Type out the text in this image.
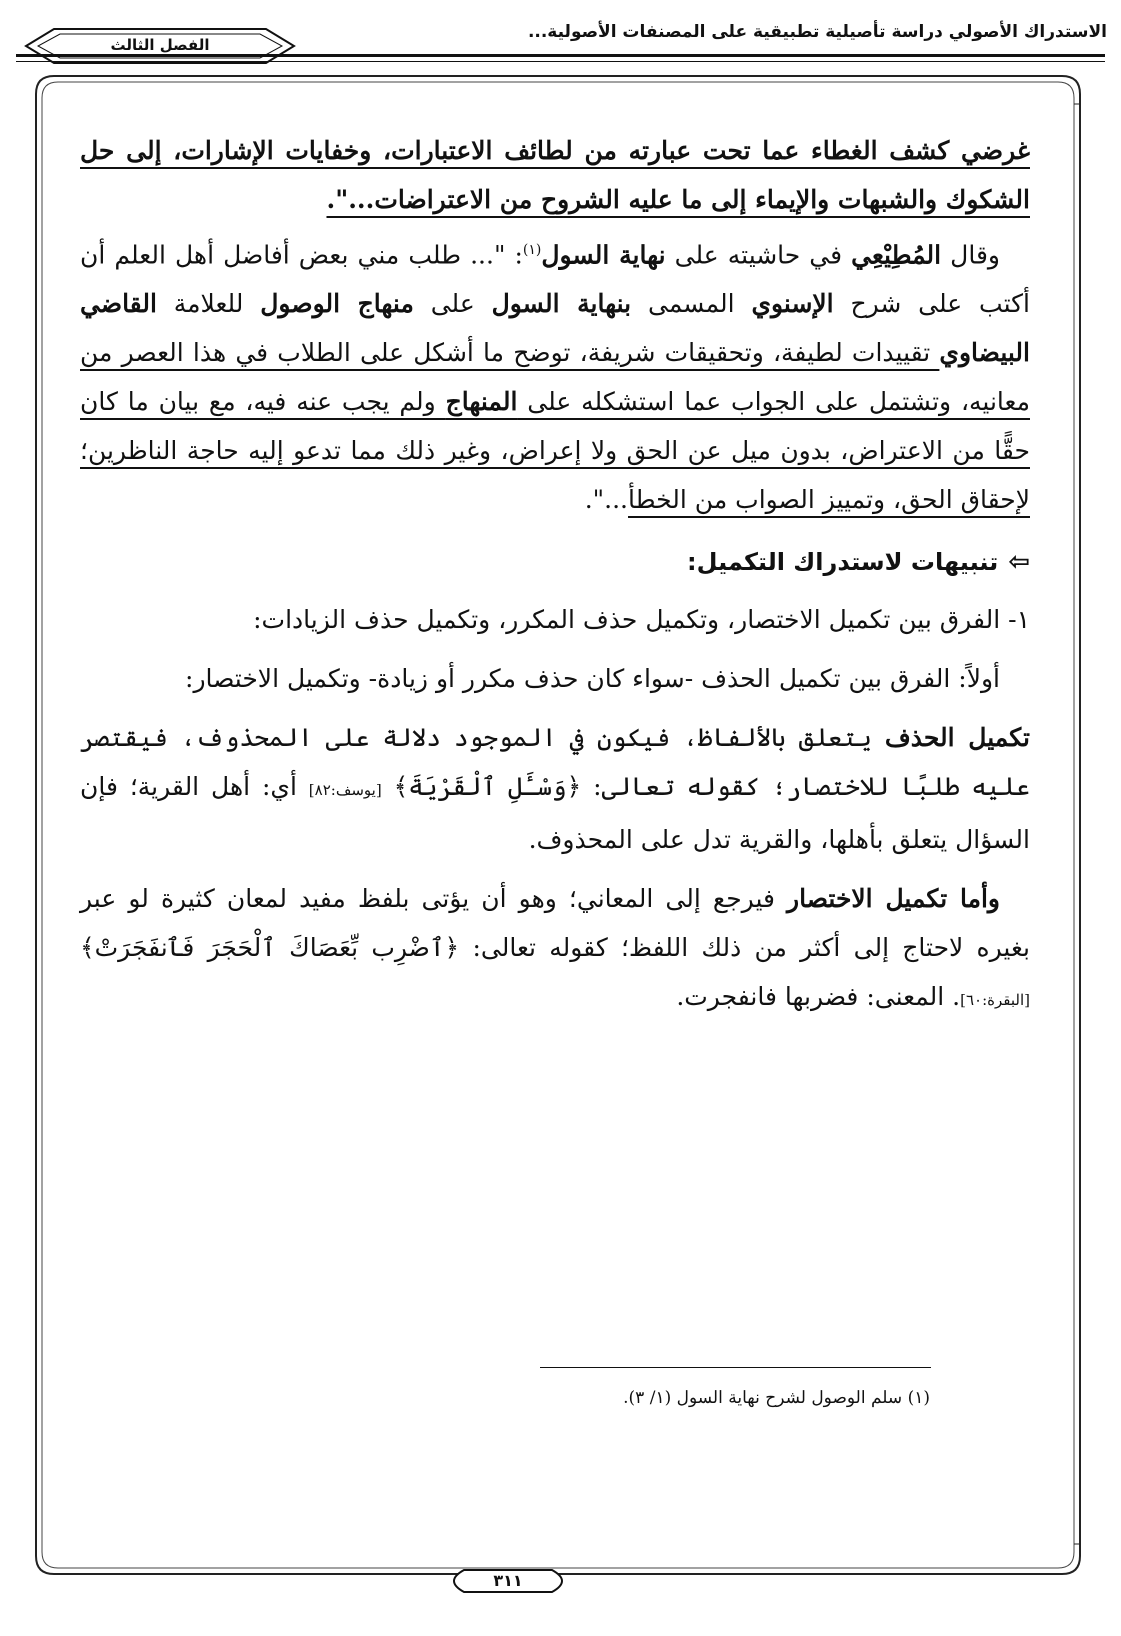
الاستدراك الأصولي دراسة تأصيلية تطبيقية على المصنفات الأصولية...
الفصل الثالث

غرضي كشف الغطاء عما تحت عبارته من لطائف الاعتبارات، وخفايات الإشارات، إلى حل الشكوك والشبهات والإيماء إلى ما عليه الشروح من الاعتراضات...".

وقال المُطِيْعِي في حاشيته على نهاية السول$^{(١)}$: "... طلب مني بعض أفاضل أهل العلم أن أكتب على شرح الإسنوي المسمى بنهاية السول على منهاج الوصول للعلامة القاضي البيضاوي تقييدات لطيفة، وتحقيقات شريفة، توضح ما أشكل على الطلاب في هذا العصر من معانيه، وتشتمل على الجواب عما استشكله على المنهاج ولم يجب عنه فيه، مع بيان ما كان حقًّا من الاعتراض، بدون ميل عن الحق ولا إعراض، وغير ذلك مما تدعو إليه حاجة الناظرين؛ لإحقاق الحق، وتمييز الصواب من الخطأ...".

⇦تنبيهات لاستدراك التكميل:

١- الفرق بين تكميل الاختصار، وتكميل حذف المكرر، وتكميل حذف الزيادات:

أولاً: الفرق بين تكميل الحذف -سواء كان حذف مكرر أو زيادة- وتكميل الاختصار:

تكميل الحذف يتعلق بالألفاظ، فيكون في الموجود دلالة على المحذوف، فيقتصر عليه طلبًا للاختصار؛ كقوله تعالى: ﴿وَسْـَٔلِ ٱلْقَرْيَةَ﴾ [يوسف:٨٢] أي: أهل القرية؛ فإن السؤال يتعلق بأهلها، والقرية تدل على المحذوف.

وأما تكميل الاختصار فيرجع إلى المعاني؛ وهو أن يؤتى بلفظ مفيد لمعان كثيرة لو عبر بغيره لاحتاج إلى أكثر من ذلك اللفظ؛ كقوله تعالى: ﴿ٱضْرِب بِّعَصَاكَ ٱلْحَجَرَ فَٱنفَجَرَتْ﴾ [البقرة:٦٠]. المعنى: فضربها فانفجرت.

(١) سلم الوصول لشرح نهاية السول (١/ ٣).
٣١١
